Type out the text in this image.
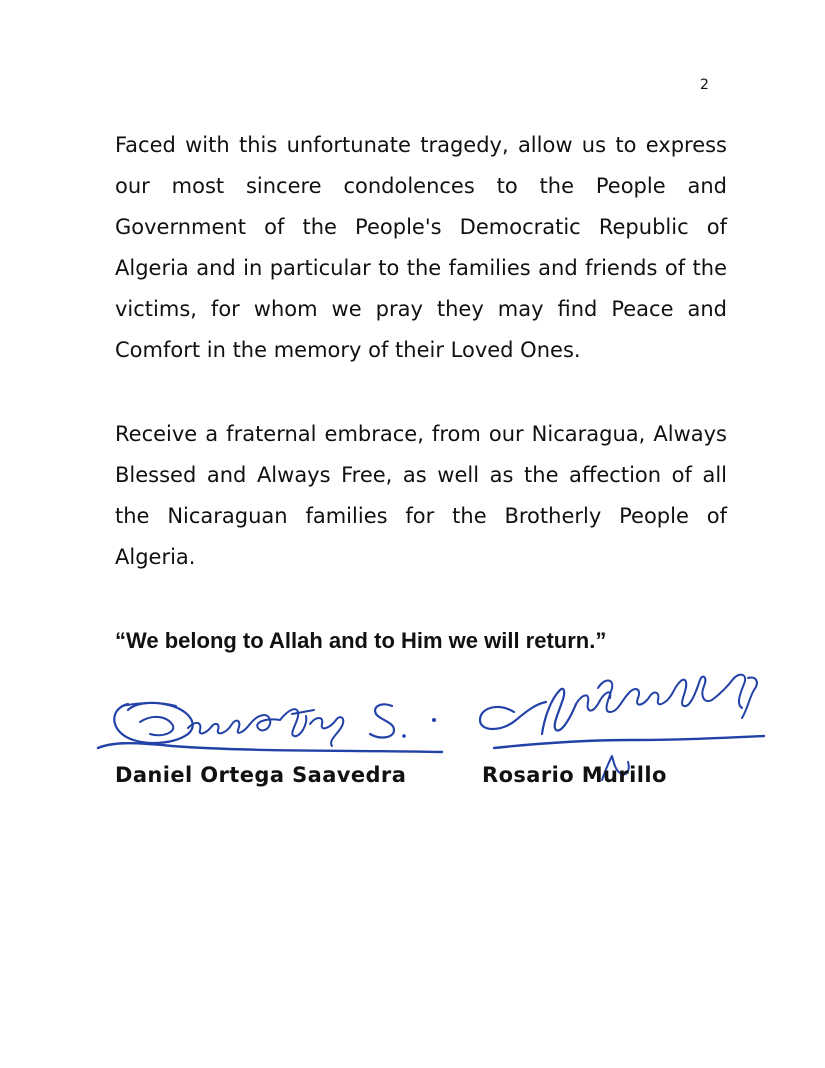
2

Faced with this unfortunate tragedy, allow us to express our most sincere condolences to the People and Government of the People's Democratic Republic of Algeria and in particular to the families and friends of the victims, for whom we pray they may find Peace and Comfort in the memory of their Loved Ones.

Receive a fraternal embrace, from our Nicaragua, Always Blessed and Always Free, as well as the affection of all the Nicaraguan families for the Brotherly People of Algeria.

“We belong to Allah and to Him we will return.”

Daniel Ortega Saavedra	Rosario Murillo
